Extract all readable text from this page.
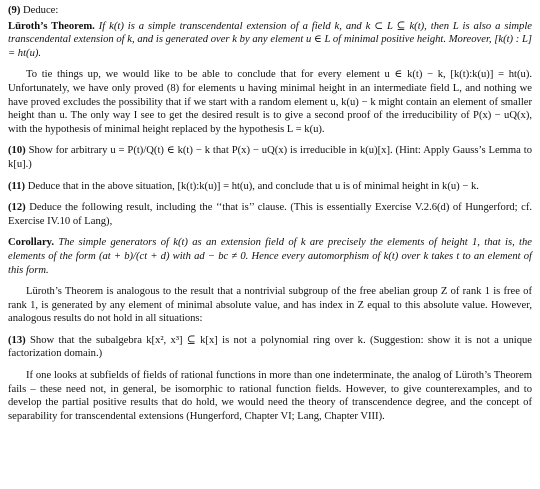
(9) Deduce:

Lüroth’s Theorem. If k(t) is a simple transcendental extension of a field k, and k ⊂ L ⊆ k(t), then L is also a simple transcendental extension of k, and is generated over k by any element u ∈ L of minimal positive height. Moreover, [k(t) : L] = ht(u).

To tie things up, we would like to be able to conclude that for every element u ∈ k(t) − k, [k(t):k(u)] = ht(u). Unfortunately, we have only proved (8) for elements u having minimal height in an intermediate field L, and nothing we have proved excludes the possibility that if we start with a random element u, k(u) − k might contain an element of smaller height than u. The only way I see to get the desired result is to give a second proof of the irreducibility of P(x) − uQ(x), with the hypothesis of minimal height replaced by the hypothesis L = k(u).

(10) Show for arbitrary u = P(t)/Q(t) ∈ k(t) − k that P(x) − uQ(x) is irreducible in k(u)[x]. (Hint: Apply Gauss’s Lemma to k[u].)

(11) Deduce that in the above situation, [k(t):k(u)] = ht(u), and conclude that u is of minimal height in k(u) − k.

(12) Deduce the following result, including the ‘‘that is’’ clause. (This is essentially Exercise V.2.6(d) of Hungerford; cf. Exercise IV.10 of Lang),

Corollary. The simple generators of k(t) as an extension field of k are precisely the elements of height 1, that is, the elements of the form (at + b)/(ct + d) with ad − bc ≠ 0. Hence every automorphism of k(t) over k takes t to an element of this form.

Lüroth’s Theorem is analogous to the result that a nontrivial subgroup of the free abelian group Z of rank 1 is free of rank 1, is generated by any element of minimal absolute value, and has index in Z equal to this absolute value. However, analogous results do not hold in all situations:

(13) Show that the subalgebra k[x², x³] ⊆ k[x] is not a polynomial ring over k. (Suggestion: show it is not a unique factorization domain.)

If one looks at subfields of fields of rational functions in more than one indeterminate, the analog of Lüroth’s Theorem fails – these need not, in general, be isomorphic to rational function fields. However, to give counterexamples, and to develop the partial positive results that do hold, we would need the theory of transcendence degree, and the concept of separability for transcendental extensions (Hungerford, Chapter VI; Lang, Chapter VIII).
